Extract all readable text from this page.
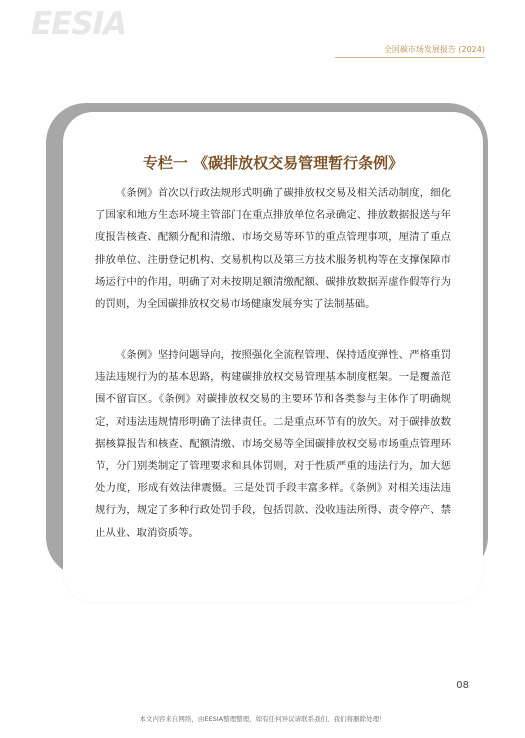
EESIA
全国碳市场发展报告 (2024)
专栏一 《碳排放权交易管理暂行条例》

《条例》首次以行政法规形式明确了碳排放权交易及相关活动制度，细化了国家和地方生态环境主管部门在重点排放单位名录确定、排放数据报送与年度报告核查、配额分配和清缴、市场交易等环节的重点管理事项，厘清了重点排放单位、注册登记机构、交易机构以及第三方技术服务机构等在支撑保障市场运行中的作用，明确了对未按期足额清缴配额、碳排放数据弄虚作假等行为的罚则，为全国碳排放权交易市场健康发展夯实了法制基础。

《条例》坚持问题导向，按照强化全流程管理、保持适度弹性、严格重罚违法违规行为的基本思路，构建碳排放权交易管理基本制度框架。一是覆盖范围不留盲区。《条例》对碳排放权交易的主要环节和各类参与主体作了明确规定，对违法违规情形明确了法律责任。二是重点环节有的放矢。对于碳排放数据核算报告和核查、配额清缴、市场交易等全国碳排放权交易市场重点管理环节，分门别类制定了管理要求和具体罚则，对于性质严重的违法行为，加大惩处力度，形成有效法律震慑。三是处罚手段丰富多样。《条例》对相关违法违规行为，规定了多种行政处罚手段，包括罚款、没收违法所得、责令停产、禁止从业、取消资质等。

08
本文内容来自网络，由EESIA整理整理，如有任何异议请联系我们，我们将删除处理！
